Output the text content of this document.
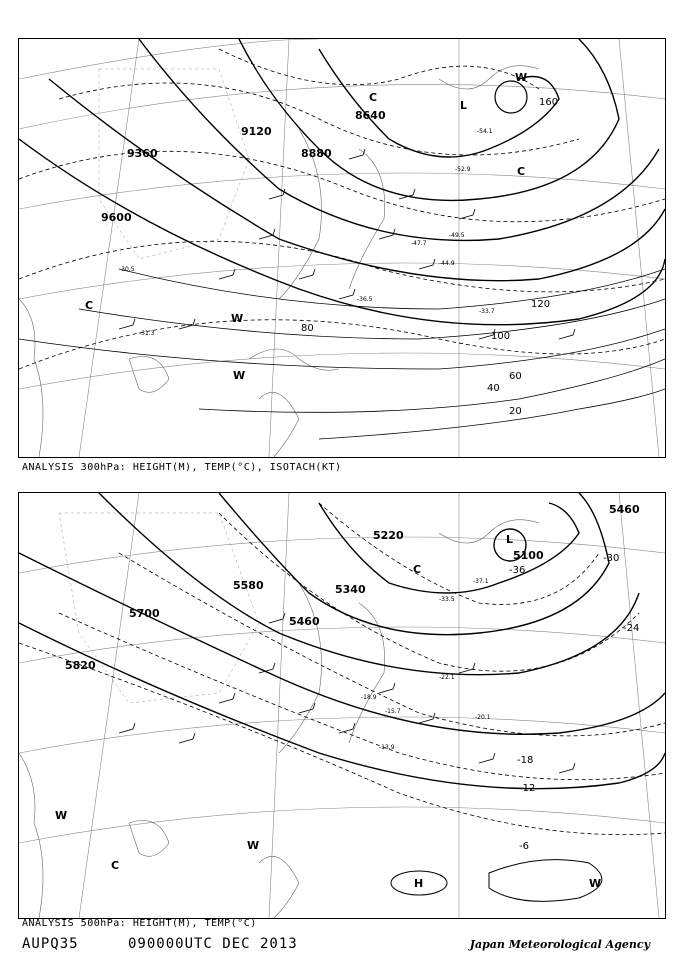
9600
9360
9120
8880
8640
20
40
60
80
100
120
160
-30.5
-31.3
-33.7
-36.5
-44.9
-47.7
-49.5
-52.9
-54.1
C
C
C
W
W
L
W
ANALYSIS 300hPa: HEIGHT(M), TEMP(°C), ISOTACH(KT)
5820
5700
5580
5460
5340
5220
5100
5460
-6
-12
-18
-24
-30
-36
-18.9
-22.1
-33.5
-37.1
-15.7
-13.9
-20.1
W
C
W
C
H
L
W
ANALYSIS 500hPa: HEIGHT(M), TEMP(°C)
AUPQ35	090000UTC DEC 2013	Japan Meteorological Agency
